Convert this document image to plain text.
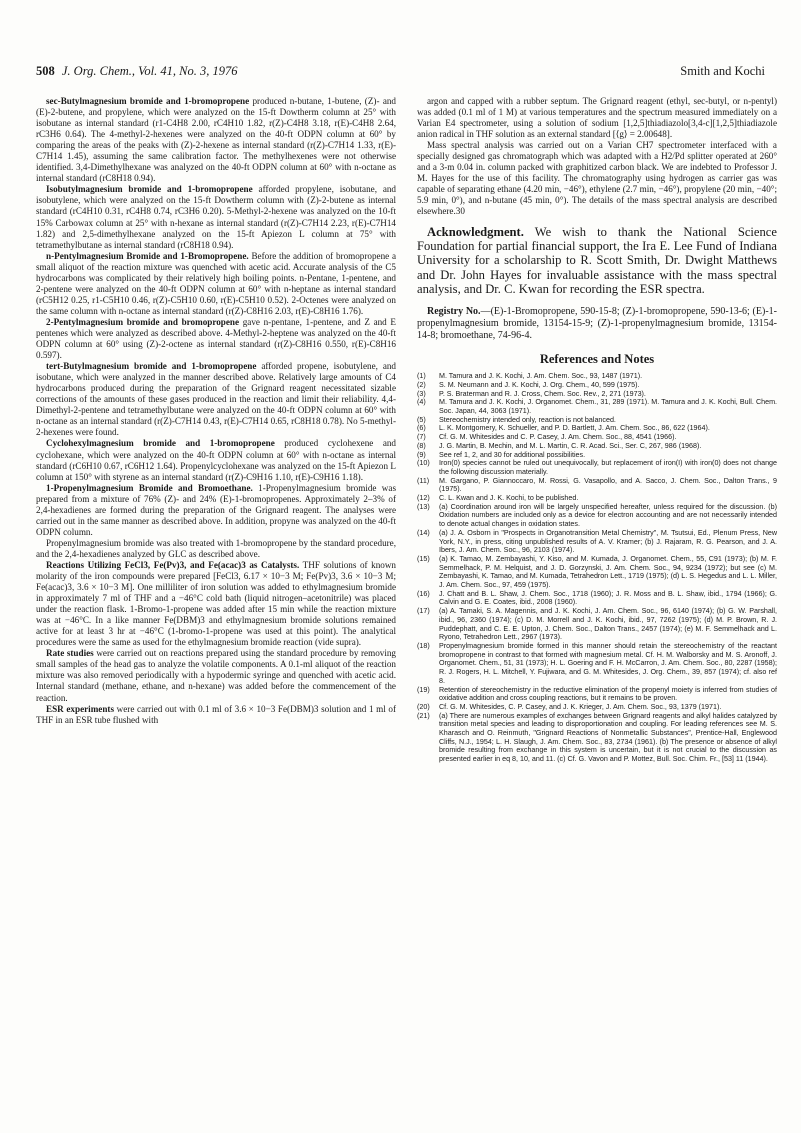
508 J. Org. Chem., Vol. 41, No. 3, 1976	Smith and Kochi

sec-Butylmagnesium bromide and 1-bromopropene produced n-butane, 1-butene, (Z)- and (E)-2-butene, and propylene, which were analyzed on the 15-ft Dowtherm column at 25° with isobutane as internal standard (r1-C4H8 2.00, rC4H10 1.82, r(Z)-C4H8 3.18, r(E)-C4H8 2.64, rC3H6 0.64). The 4-methyl-2-hexenes were analyzed on the 40-ft ODPN column at 60° by comparing the areas of the peaks with (Z)-2-hexene as internal standard (r(Z)-C7H14 1.33, r(E)-C7H14 1.45), assuming the same calibration factor. The methylhexenes were not otherwise identified. 3,4-Dimethylhexane was analyzed on the 40-ft ODPN column at 60° with n-octane as internal standard (rC8H18 0.94).

Isobutylmagnesium bromide and 1-bromopropene afforded propylene, isobutane, and isobutylene, which were analyzed on the 15-ft Dowtherm column with (Z)-2-butene as internal standard (rC4H10 0.31, rC4H8 0.74, rC3H6 0.20). 5-Methyl-2-hexene was analyzed on the 10-ft 15% Carbowax column at 25° with n-hexane as internal standard (r(Z)-C7H14 2.23, r(E)-C7H14 1.82) and 2,5-dimethylhexane analyzed on the 15-ft Apiezon L column at 75° with tetramethylbutane as internal standard (rC8H18 0.94).

n-Pentylmagnesium Bromide and 1-Bromopropene. Before the addition of bromopropene a small aliquot of the reaction mixture was quenched with acetic acid. Accurate analysis of the C5 hydrocarbons was complicated by their relatively high boiling points. n-Pentane, 1-pentene, and 2-pentene were analyzed on the 40-ft ODPN column at 60° with n-heptane as internal standard (rC5H12 0.25, r1-C5H10 0.46, r(Z)-C5H10 0.60, r(E)-C5H10 0.52). 2-Octenes were analyzed on the same column with n-octane as internal standard (r(Z)-C8H16 2.03, r(E)-C8H16 1.76).

2-Pentylmagnesium bromide and bromopropene gave n-pentane, 1-pentene, and Z and E pentenes which were analyzed as described above. 4-Methyl-2-heptene was analyzed on the 40-ft ODPN column at 60° using (Z)-2-octene as internal standard (r(Z)-C8H16 0.550, r(E)-C8H16 0.597).

tert-Butylmagnesium bromide and 1-bromopropene afforded propene, isobutylene, and isobutane, which were analyzed in the manner described above. Relatively large amounts of C4 hydrocarbons produced during the preparation of the Grignard reagent necessitated sizable corrections of the amounts of these gases produced in the reaction and limit their reliability. 4,4-Dimethyl-2-pentene and tetramethylbutane were analyzed on the 40-ft ODPN column at 60° with n-octane as an internal standard (r(Z)-C7H14 0.43, r(E)-C7H14 0.65, rC8H18 0.78). No 5-methyl-2-hexenes were found.

Cyclohexylmagnesium bromide and 1-bromopropene produced cyclohexene and cyclohexane, which were analyzed on the 40-ft ODPN column at 60° with n-octane as internal standard (rC6H10 0.67, rC6H12 1.64). Propenylcyclohexane was analyzed on the 15-ft Apiezon L column at 150° with styrene as an internal standard (r(Z)-C9H16 1.10, r(E)-C9H16 1.18).

1-Propenylmagnesium Bromide and Bromoethane. 1-Propenylmagnesium bromide was prepared from a mixture of 76% (Z)- and 24% (E)-1-bromopropenes. Approximately 2–3% of 2,4-hexadienes are formed during the preparation of the Grignard reagent. The analyses were carried out in the same manner as described above. In addition, propyne was analyzed on the 40-ft ODPN column.

Propenylmagnesium bromide was also treated with 1-bromopropene by the standard procedure, and the 2,4-hexadienes analyzed by GLC as described above.

Reactions Utilizing FeCl3, Fe(Pv)3, and Fe(acac)3 as Catalysts. THF solutions of known molarity of the iron compounds were prepared [FeCl3, 6.17 × 10−3 M; Fe(Pv)3, 3.6 × 10−3 M; Fe(acac)3, 3.6 × 10−3 M]. One milliliter of iron solution was added to ethylmagnesium bromide in approximately 7 ml of THF and a −46°C cold bath (liquid nitrogen–acetonitrile) was placed under the reaction flask. 1-Bromo-1-propene was added after 15 min while the reaction mixture was at −46°C. In a like manner Fe(DBM)3 and ethylmagnesium bromide solutions remained active for at least 3 hr at −46°C (1-bromo-1-propene was used at this point). The analytical procedures were the same as used for the ethylmagnesium bromide reaction (vide supra).

Rate studies were carried out on reactions prepared using the standard procedure by removing small samples of the head gas to analyze the volatile components. A 0.1-ml aliquot of the reaction mixture was also removed periodically with a hypodermic syringe and quenched with acetic acid. Internal standard (methane, ethane, and n-hexane) was added before the commencement of the reaction.

ESR experiments were carried out with 0.1 ml of 3.6 × 10−3 Fe(DBM)3 solution and 1 ml of THF in an ESR tube flushed with

argon and capped with a rubber septum. The Grignard reagent (ethyl, sec-butyl, or n-pentyl) was added (0.1 ml of 1 M) at various temperatures and the spectrum measured immediately on a Varian E4 spectrometer, using a solution of sodium [1,2,5]thiadiazolo[3,4-c][1,2,5]thiadiazole anion radical in THF solution as an external standard [⟨g⟩ = 2.00648].

Mass spectral analysis was carried out on a Varian CH7 spectrometer interfaced with a specially designed gas chromatograph which was adapted with a H2/Pd splitter operated at 260° and a 3-m 0.04 in. column packed with graphitized carbon black. We are indebted to Professor J. M. Hayes for the use of this facility. The chromatography using hydrogen as carrier gas was capable of separating ethane (4.20 min, −46°), ethylene (2.7 min, −46°), propylene (20 min, −40°; 5.9 min, 0°), and n-butane (45 min, 0°). The details of the mass spectral analysis are described elsewhere.30

Acknowledgment. We wish to thank the National Science Foundation for partial financial support, the Ira E. Lee Fund of Indiana University for a scholarship to R. Scott Smith, Dr. Dwight Matthews and Dr. John Hayes for invaluable assistance with the mass spectral analysis, and Dr. C. Kwan for recording the ESR spectra.

Registry No.—(E)-1-Bromopropene, 590-15-8; (Z)-1-bromopropene, 590-13-6; (E)-1-propenylmagnesium bromide, 13154-15-9; (Z)-1-propenylmagnesium bromide, 13154-14-8; bromoethane, 74-96-4.

References and Notes
(1) M. Tamura and J. K. Kochi, J. Am. Chem. Soc., 93, 1487 (1971).
(2) S. M. Neumann and J. K. Kochi, J. Org. Chem., 40, 599 (1975).
(3) P. S. Braterman and R. J. Cross, Chem. Soc. Rev., 2, 271 (1973).
(4) M. Tamura and J. K. Kochi, J. Organomet. Chem., 31, 289 (1971). M. Tamura and J. K. Kochi, Bull. Chem. Soc. Japan, 44, 3063 (1971).
(5) Stereochemistry intended only, reaction is not balanced.
(6) L. K. Montgomery, K. Schueller, and P. D. Bartlett, J. Am. Chem. Soc., 86, 622 (1964).
(7) Cf. G. M. Whitesides and C. P. Casey, J. Am. Chem. Soc., 88, 4541 (1966).
(8) J. G. Martin, B. Mechin, and M. L. Martin, C. R. Acad. Sci., Ser. C, 267, 986 (1968).
(9) See ref 1, 2, and 30 for additional possibilities.
(10) Iron(0) species cannot be ruled out unequivocally, but replacement of iron(I) with iron(0) does not change the following discussion materially.
(11) M. Gargano, P. Giannoccaro, M. Rossi, G. Vasapollo, and A. Sacco, J. Chem. Soc., Dalton Trans., 9 (1975).
(12) C. L. Kwan and J. K. Kochi, to be published.
(13) (a) Coordination around iron will be largely unspecified hereafter, unless required for the discussion. (b) Oxidation numbers are included only as a device for electron accounting and are not necessarily intended to denote actual changes in oxidation states.
(14) (a) J. A. Osborn in "Prospects in Organotransition Metal Chemistry", M. Tsutsui, Ed., Plenum Press, New York, N.Y., in press, citing unpublished results of A. V. Kramer; (b) J. Rajaram, R. G. Pearson, and J. A. Ibers, J. Am. Chem. Soc., 96, 2103 (1974).
(15) (a) K. Tamao, M. Zembayashi, Y. Kiso, and M. Kumada, J. Organomet. Chem., 55, C91 (1973); (b) M. F. Semmelhack, P. M. Helquist, and J. D. Gorzynski, J. Am. Chem. Soc., 94, 9234 (1972); but see (c) M. Zembayashi, K. Tamao, and M. Kumada, Tetrahedron Lett., 1719 (1975); (d) L. S. Hegedus and L. L. Miller, J. Am. Chem. Soc., 97, 459 (1975).
(16) J. Chatt and B. L. Shaw, J. Chem. Soc., 1718 (1960); J. R. Moss and B. L. Shaw, ibid., 1794 (1966); G. Calvin and G. E. Coates, ibid., 2008 (1960).
(17) (a) A. Tamaki, S. A. Magennis, and J. K. Kochi, J. Am. Chem. Soc., 96, 6140 (1974); (b) G. W. Parshall, ibid., 96, 2360 (1974); (c) D. M. Morrell and J. K. Kochi, ibid., 97, 7262 (1975); (d) M. P. Brown, R. J. Puddephatt, and C. E. E. Upton, J. Chem. Soc., Dalton Trans., 2457 (1974); (e) M. F. Semmelhack and L. Ryono, Tetrahedron Lett., 2967 (1973).
(18) Propenylmagnesium bromide formed in this manner should retain the stereochemistry of the reactant bromopropene in contrast to that formed with magnesium metal. Cf. H. M. Walborsky and M. S. Aronoff, J. Organomet. Chem., 51, 31 (1973); H. L. Goering and F. H. McCarron, J. Am. Chem. Soc., 80, 2287 (1958); R. J. Rogers, H. L. Mitchell, Y. Fujiwara, and G. M. Whitesides, J. Org. Chem., 39, 857 (1974); cf. also ref 8.
(19) Retention of stereochemistry in the reductive elimination of the propenyl moiety is inferred from studies of oxidative addition and cross coupling reactions, but it remains to be proven.
(20) Cf. G. M. Whitesides, C. P. Casey, and J. K. Krieger, J. Am. Chem. Soc., 93, 1379 (1971).
(21) (a) There are numerous examples of exchanges between Grignard reagents and alkyl halides catalyzed by transition metal species and leading to disproportionation and coupling. For leading references see M. S. Kharasch and O. Reinmuth, "Grignard Reactions of Nonmetallic Substances", Prentice-Hall, Englewood Cliffs, N.J., 1954; L. H. Slaugh, J. Am. Chem. Soc., 83, 2734 (1961). (b) The presence or absence of alkyl bromide resulting from exchange in this system is uncertain, but it is not crucial to the discussion as presented earlier in eq 8, 10, and 11. (c) Cf. G. Vavon and P. Mottez, Bull. Soc. Chim. Fr., [53] 11 (1944).
